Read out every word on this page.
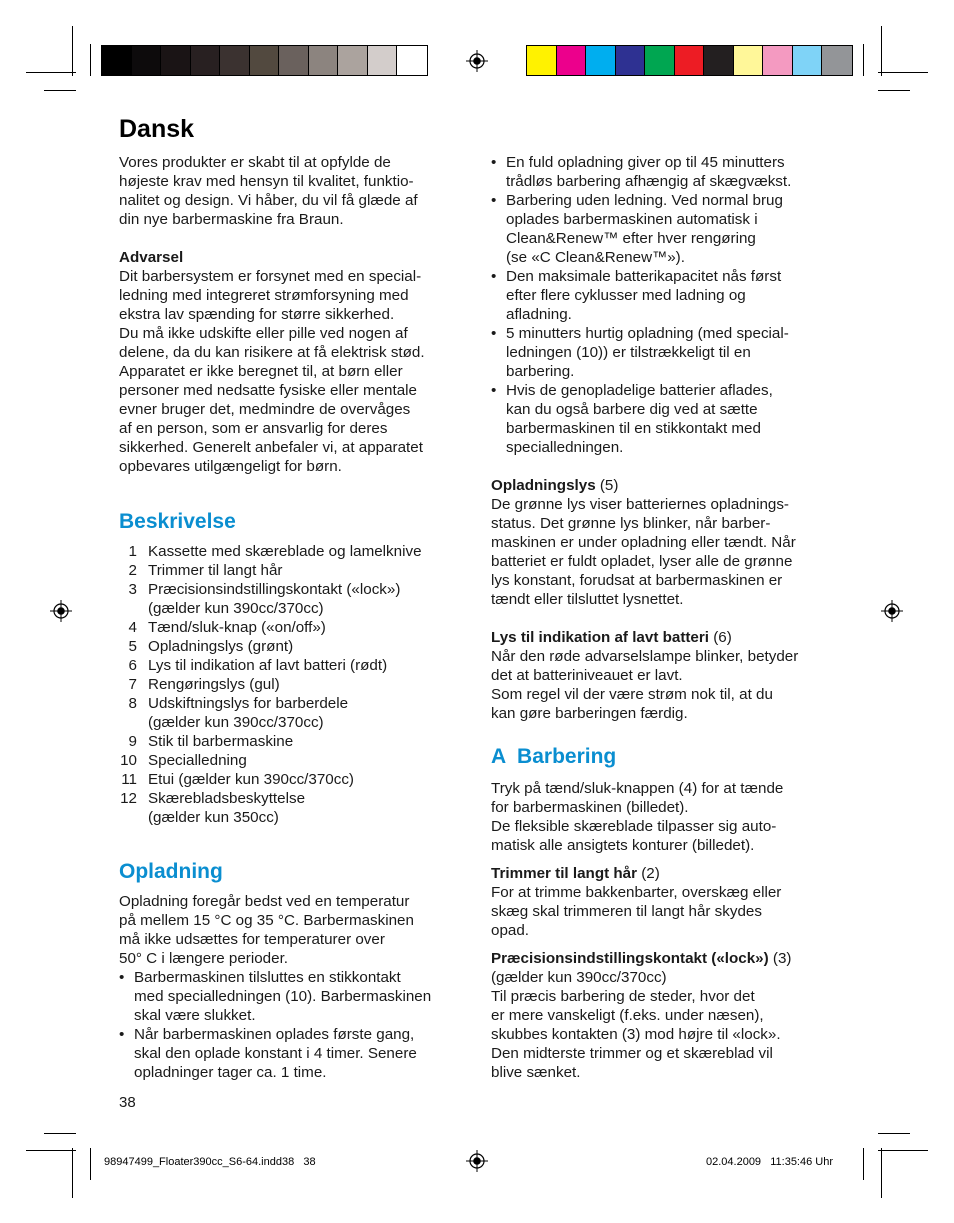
Dansk
Vores produkter er skabt til at opfylde de
højeste krav med hensyn til kvalitet, funktio-
nalitet og design. Vi håber, du vil få glæde af
din nye barbermaskine fra Braun.
Advarsel
Dit barbersystem er forsynet med en special-
ledning med integreret strømforsyning med
ekstra lav spænding for større sikkerhed.
Du må ikke udskifte eller pille ved nogen af
delene, da du kan risikere at få elektrisk stød.
Apparatet er ikke beregnet til, at børn eller
personer med nedsatte fysiske eller mentale
evner bruger det, medmindre de overvåges
af en person, som er ansvarlig for deres
sikkerhed. Generelt anbefaler vi, at apparatet
opbevares utilgængeligt for børn.
Beskrivelse
1 Kassette med skæreblade og lamelknive
2 Trimmer til langt hår
3 Præcisionsindstillingskontakt («lock»)
(gælder kun 390cc/370cc)
4 Tænd/sluk-knap («on/off»)
5 Opladningslys (grønt)
6 Lys til indikation af lavt batteri (rødt)
7 Rengøringslys (gul)
8 Udskiftningslys for barberdele
(gælder kun 390cc/370cc)
9 Stik til barbermaskine
10 Specialledning
11 Etui (gælder kun 390cc/370cc)
12 Skærebladsbeskyttelse
(gælder kun 350cc)
Opladning
Opladning foregår bedst ved en temperatur
på mellem 15 °C og 35 °C. Barbermaskinen
må ikke udsættes for temperaturer over
50° C i længere perioder.
• Barbermaskinen tilsluttes en stikkontakt
med specialledningen (10). Barbermaskinen
skal være slukket.
• Når barbermaskinen oplades første gang,
skal den oplade konstant i 4 timer. Senere
opladninger tager ca. 1 time.
38
• En fuld opladning giver op til 45 minutters
trådløs barbering afhængig af skægvækst.
• Barbering uden ledning. Ved normal brug
oplades barbermaskinen automatisk i
Clean&Renew™ efter hver rengøring
(se «C Clean&Renew™»).
• Den maksimale batterikapacitet nås først
efter flere cyklusser med ladning og
afladning.
• 5 minutters hurtig opladning (med special-
ledningen (10)) er tilstrækkeligt til en
barbering.
• Hvis de genopladelige batterier aflades,
kan du også barbere dig ved at sætte
barbermaskinen til en stikkontakt med
specialledningen.
Opladningslys (5)
De grønne lys viser batteriernes opladnings-
status. Det grønne lys blinker, når barber-
maskinen er under opladning eller tændt. Når
batteriet er fuldt opladet, lyser alle de grønne
lys konstant, forudsat at barbermaskinen er
tændt eller tilsluttet lysnettet.
Lys til indikation af lavt batteri (6)
Når den røde advarselslampe blinker, betyder
det at batteriniveauet er lavt.
Som regel vil der være strøm nok til, at du
kan gøre barberingen færdig.
A  Barbering
Tryk på tænd/sluk-knappen (4) for at tænde
for barbermaskinen (billedet).
De fleksible skæreblade tilpasser sig auto-
matisk alle ansigtets konturer (billedet).
Trimmer til langt hår (2)
For at trimme bakkenbarter, overskæg eller
skæg skal trimmeren til langt hår skydes
opad.
Præcisionsindstillingskontakt («lock») (3)
(gælder kun 390cc/370cc)
Til præcis barbering de steder, hvor det
er mere vanskeligt (f.eks. under næsen),
skubbes kontakten (3) mod højre til «lock».
Den midterste trimmer og et skæreblad vil
blive sænket.
98947499_Floater390cc_S6-64.indd38   38	02.04.2009   11:35:46 Uhr
